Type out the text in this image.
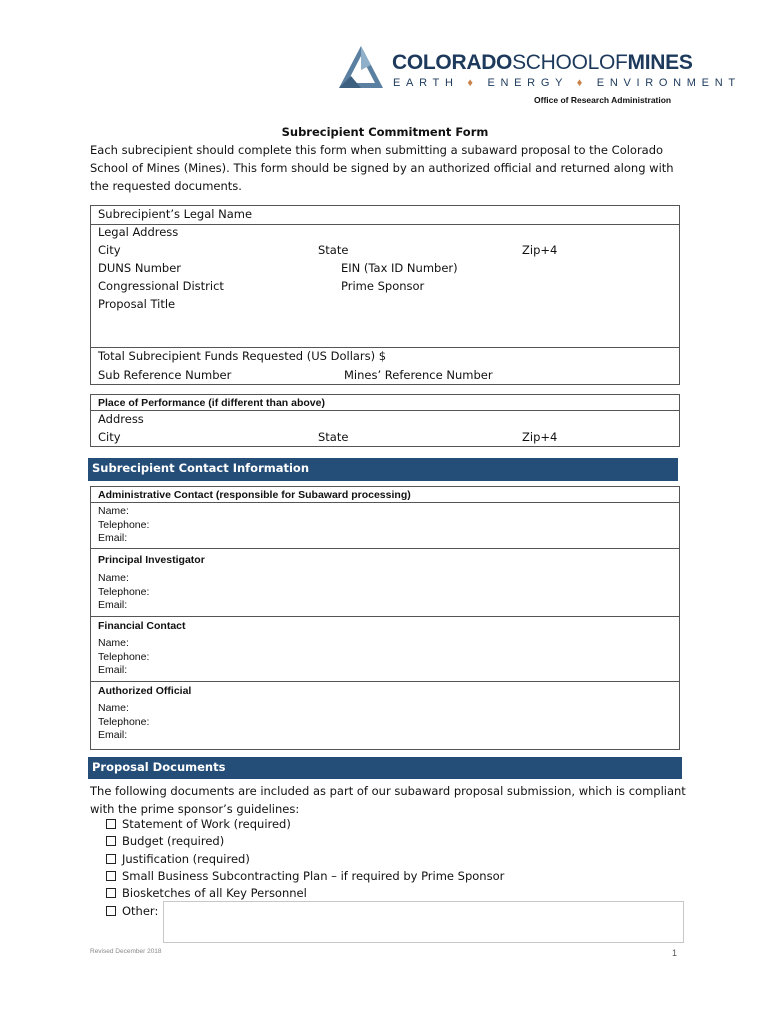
COLORADOSCHOOLOFMINES
EARTH ♦ ENERGY ♦ ENVIRONMENT
Office of Research Administration
Subrecipient Commitment Form
Each subrecipient should complete this form when submitting a subaward proposal to the Colorado School of Mines (Mines). This form should be signed by an authorized official and returned along with the requested documents.
Subrecipient’s Legal Name
Legal Address
City	State	Zip+4
DUNS Number	EIN (Tax ID Number)
Congressional District	Prime Sponsor
Proposal Title
Total Subrecipient Funds Requested (US Dollars) $
Sub Reference Number	Mines’ Reference Number
Place of Performance (if different than above)
Address
City	State	Zip+4
Subrecipient Contact Information
Administrative Contact (responsible for Subaward processing)
Name:
Telephone:
Email:
Principal Investigator
Name:
Telephone:
Email:
Financial Contact
Name:
Telephone:
Email:
Authorized Official
Name:
Telephone:
Email:
Proposal Documents
The following documents are included as part of our subaward proposal submission, which is compliant with the prime sponsor’s guidelines:
Statement of Work (required)
Budget (required)
Justification (required)
Small Business Subcontracting Plan – if required by Prime Sponsor
Biosketches of all Key Personnel
Other:
Revised December 2018	1
